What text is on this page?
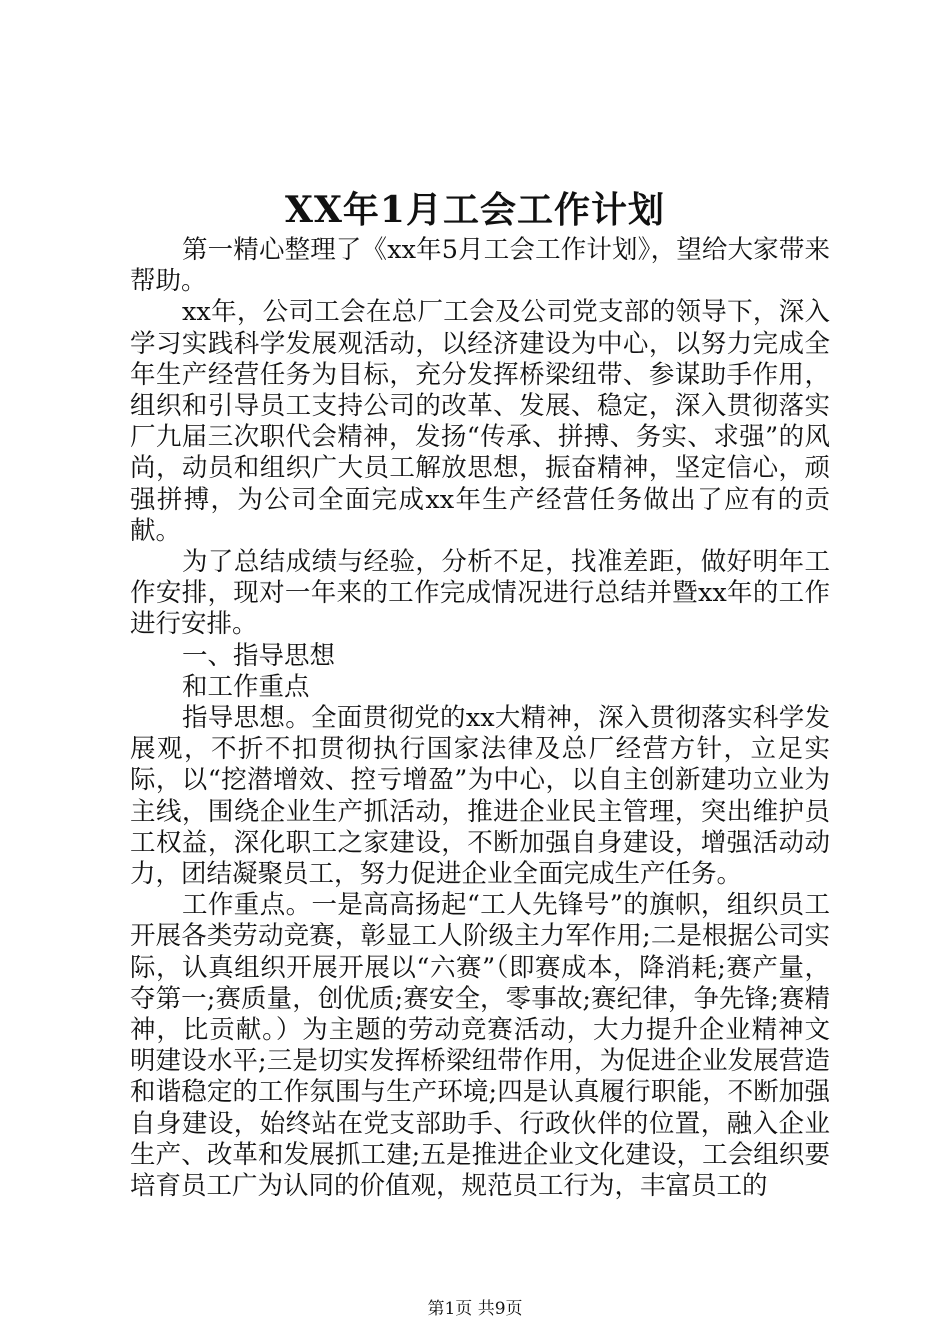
XX年1月工会工作计划

第一精心整理了《xx年5月工会工作计划》，望给大家带来帮助。

xx年，公司工会在总厂工会及公司党支部的领导下，深入学习实践科学发展观活动，以经济建设为中心，以努力完成全年生产经营任务为目标，充分发挥桥梁纽带、参谋助手作用，组织和引导员工支持公司的改革、发展、稳定，深入贯彻落实厂九届三次职代会精神，发扬“传承、拼搏、务实、求强”的风尚，动员和组织广大员工解放思想，振奋精神，坚定信心，顽强拼搏，为公司全面完成xx年生产经营任务做出了应有的贡献。

为了总结成绩与经验，分析不足，找准差距，做好明年工作安排，现对一年来的工作完成情况进行总结并暨xx年的工作进行安排。

一、指导思想

和工作重点

指导思想。全面贯彻党的xx大精神，深入贯彻落实科学发展观，不折不扣贯彻执行国家法律及总厂经营方针，立足实际，以“挖潜增效、控亏增盈”为中心，以自主创新建功立业为主线，围绕企业生产抓活动，推进企业民主管理，突出维护员工权益，深化职工之家建设，不断加强自身建设，增强活动动力，团结凝聚员工，努力促进企业全面完成生产任务。

工作重点。一是高高扬起“工人先锋号”的旗帜，组织员工开展各类劳动竞赛，彰显工人阶级主力军作用;二是根据公司实际，认真组织开展开展以“六赛”（即赛成本，降消耗;赛产量，夺第一;赛质量，创优质;赛安全，零事故;赛纪律，争先锋;赛精神，比贡献。）为主题的劳动竞赛活动，大力提升企业精神文明建设水平;三是切实发挥桥梁纽带作用，为促进企业发展营造和谐稳定的工作氛围与生产环境;四是认真履行职能，不断加强自身建设，始终站在党支部助手、行政伙伴的位置，融入企业生产、改革和发展抓工建;五是推进企业文化建设，工会组织要培育员工广为认同的价值观，规范员工行为，丰富员工的

第1页 共9页
